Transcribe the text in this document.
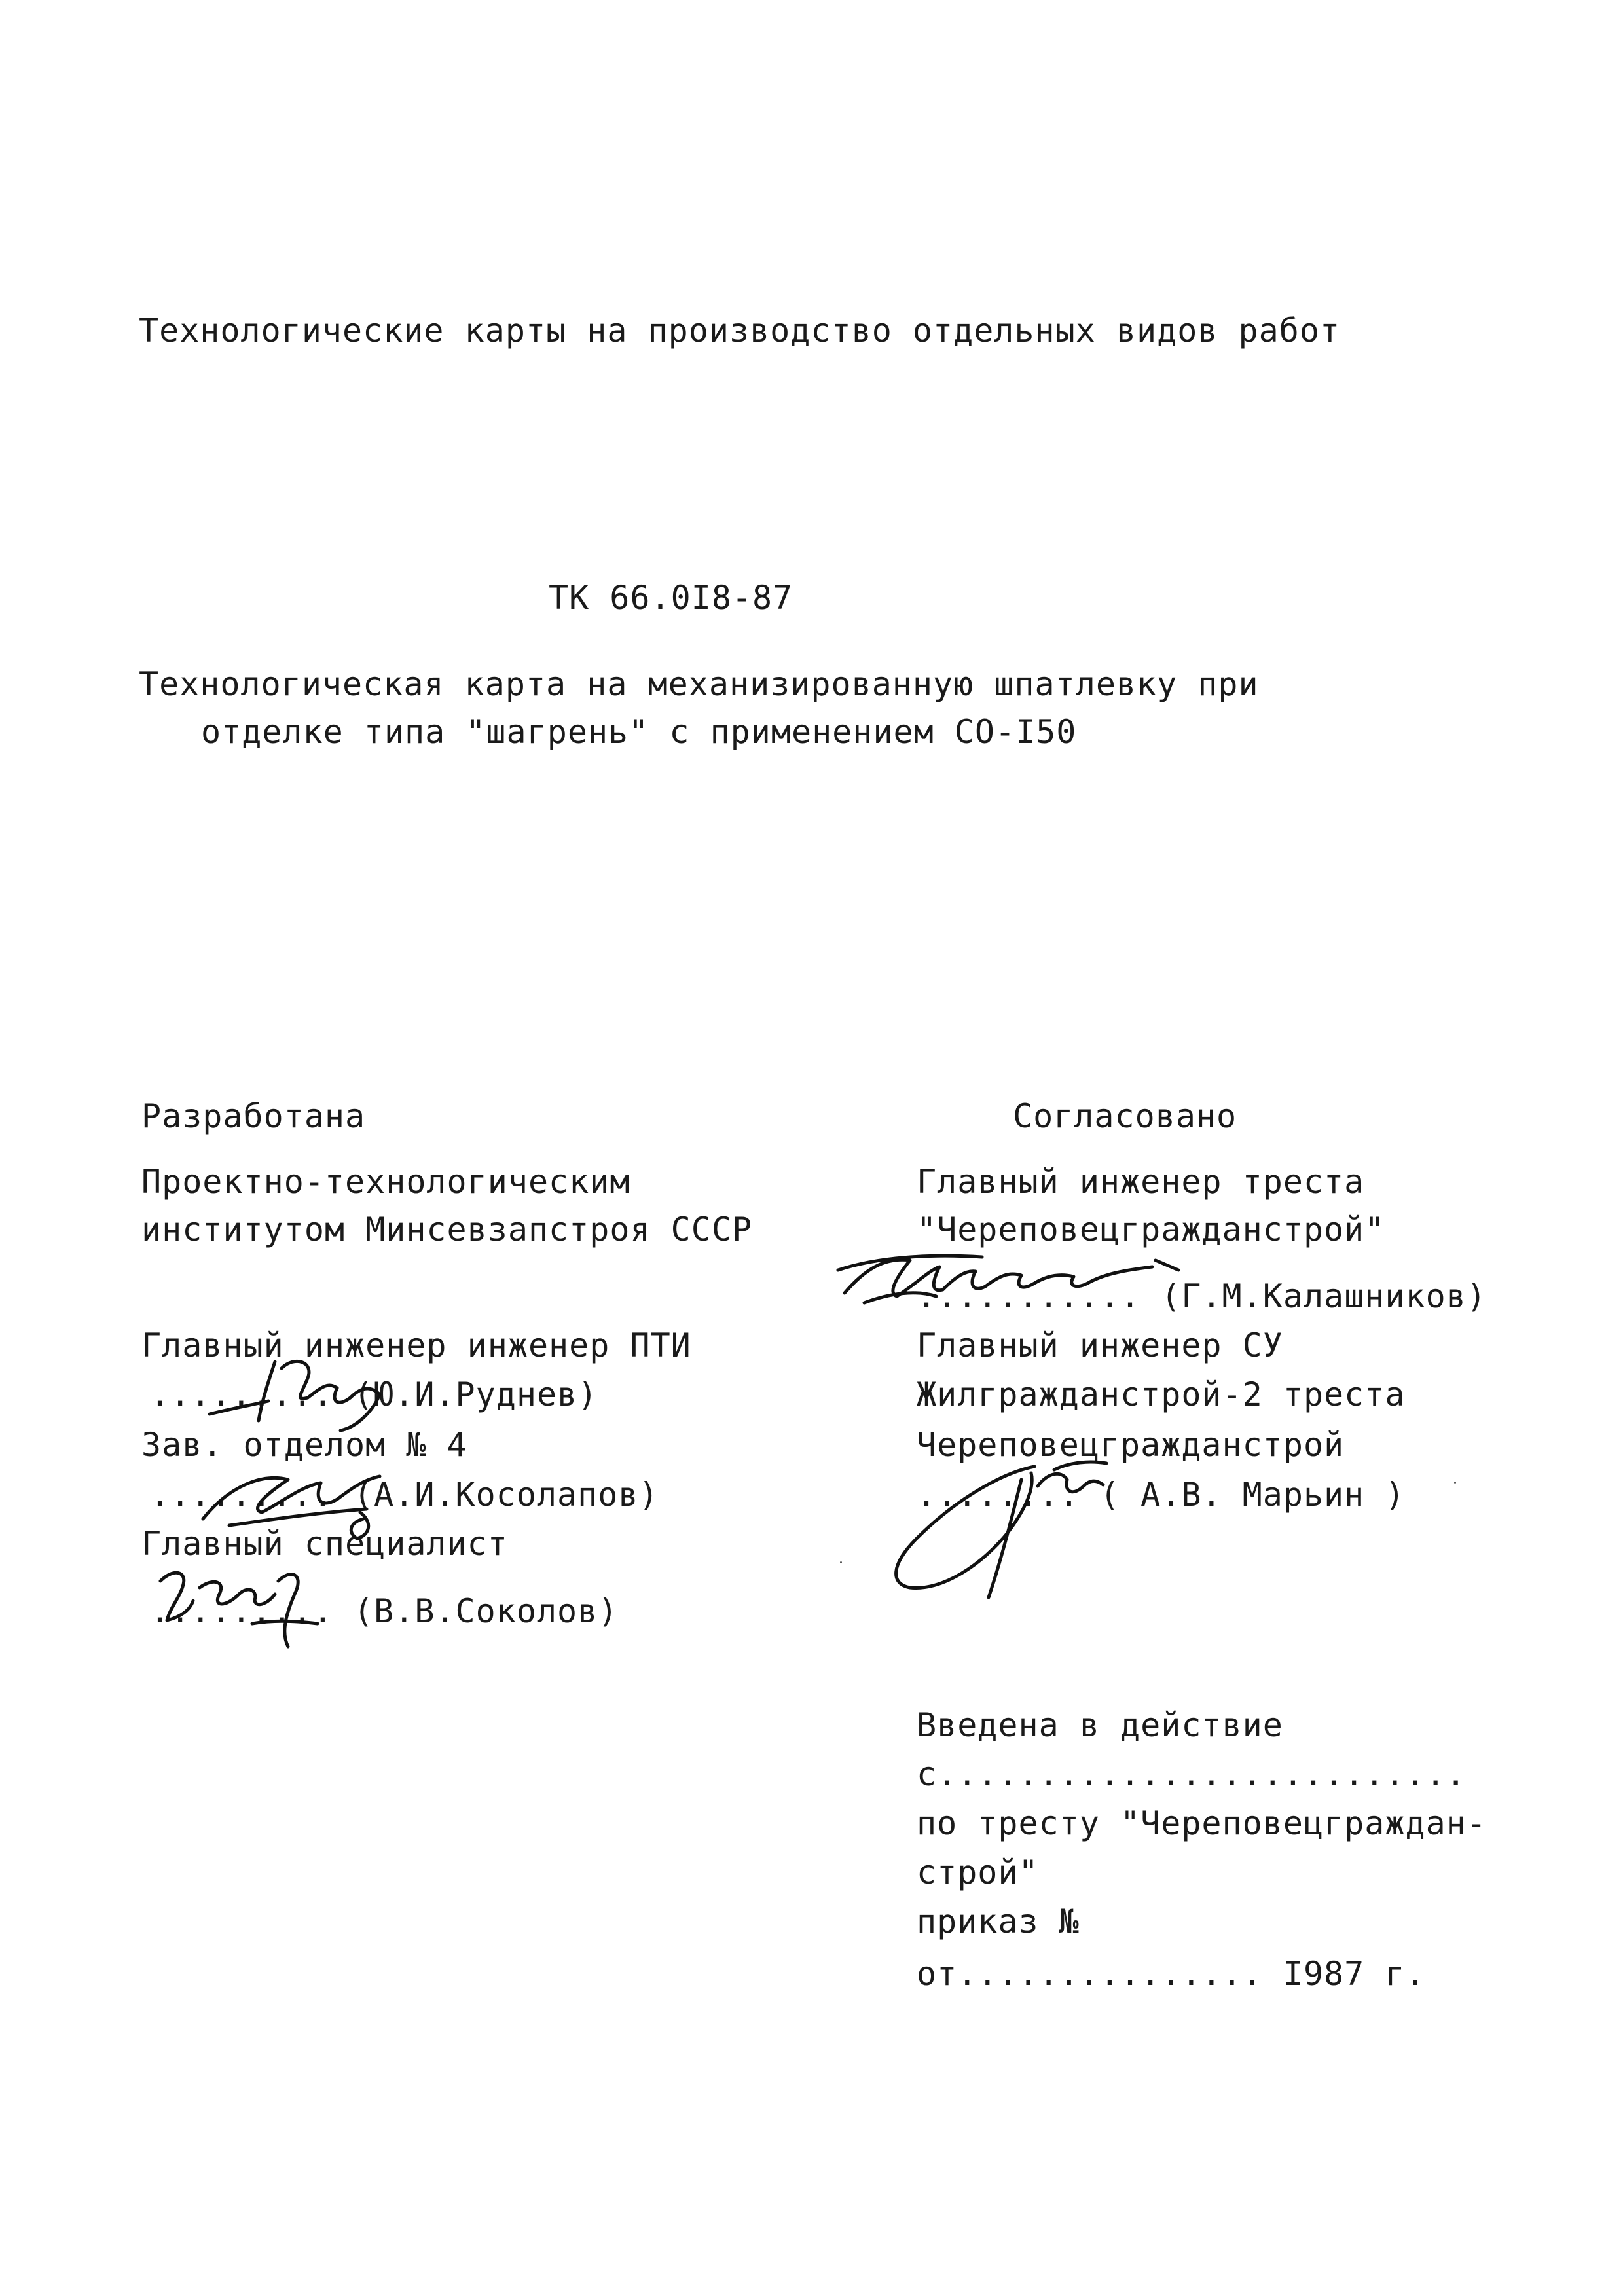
Технологические карты на производство отдельных видов работ
ТК 66.0I8-87
Технологическая карта на механизированную шпатлевку при
отделке типа "шагрень" с применением СО-I50
Разработана
Проектно-технологическим
институтом Минсевзапстроя СССР
Главный инженер инженер ПТИ
......... (Ю.И.Руднев)
Зав. отделом № 4
......... (А.И.Косолапов)
Главный специалист
......... (В.В.Соколов)
Согласовано
Главный инженер треста
"Череповецгражданстрой"
........... (Г.М.Калашников)
Главный инженер СУ
Жилгражданстрой-2 треста
Череповецгражданстрой
........ ( А.В. Марьин )
Введена в действие
с..........................
по тресту "Череповецграждан-
строй"
приказ №
от............... I987 г.
